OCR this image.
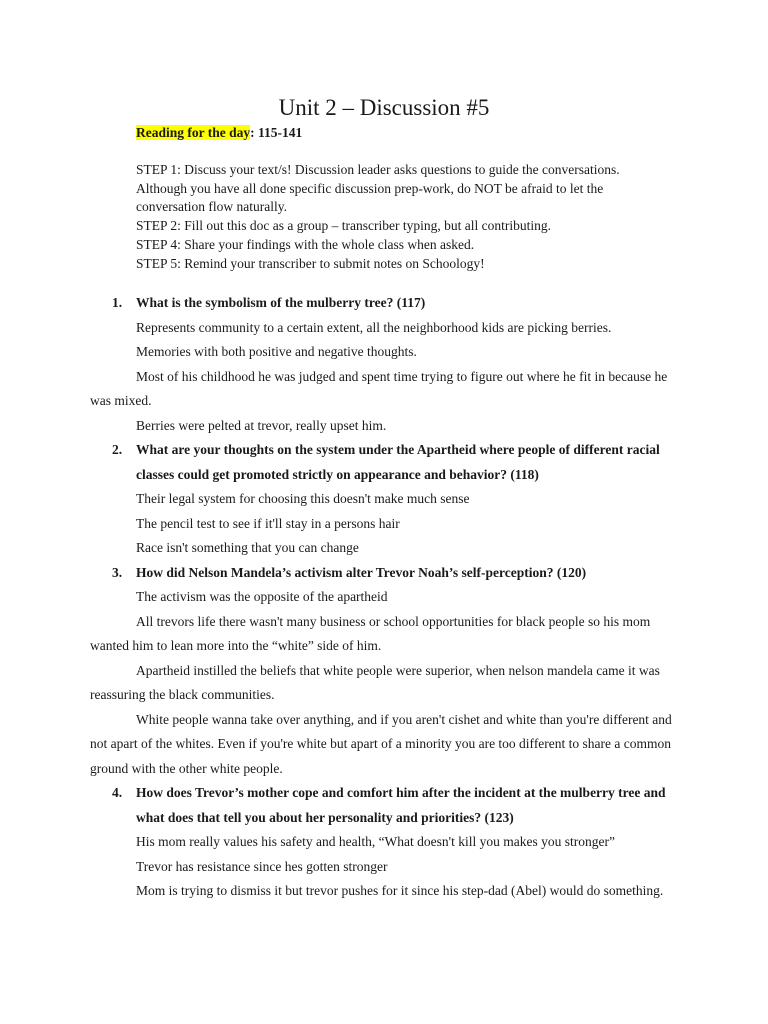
Unit 2 – Discussion #5
Reading for the day: 115-141
STEP 1: Discuss your text/s! Discussion leader asks questions to guide the conversations.
Although you have all done specific discussion prep-work, do NOT be afraid to let the
conversation flow naturally.
STEP 2: Fill out this doc as a group – transcriber typing, but all contributing.
STEP 4: Share your findings with the whole class when asked.
STEP 5: Remind your transcriber to submit notes on Schoology!
1. What is the symbolism of the mulberry tree? (117)
Represents community to a certain extent, all the neighborhood kids are picking berries.
Memories with both positive and negative thoughts.
Most of his childhood he was judged and spent time trying to figure out where he fit in because he was mixed.
Berries were pelted at trevor, really upset him.
2. What are your thoughts on the system under the Apartheid where people of different racial classes could get promoted strictly on appearance and behavior? (118)
Their legal system for choosing this doesn't make much sense
The pencil test to see if it'll stay in a persons hair
Race isn't something that you can change
3. How did Nelson Mandela’s activism alter Trevor Noah’s self-perception? (120)
The activism was the opposite of the apartheid
All trevors life there wasn't many business or school opportunities for black people so his mom wanted him to lean more into the “white” side of him.
Apartheid instilled the beliefs that white people were superior, when nelson mandela came it was reassuring the black communities.
White people wanna take over anything, and if you aren't cishet and white than you're different and not apart of the whites. Even if you're white but apart of a minority you are too different to share a common ground with the other white people.
4. How does Trevor’s mother cope and comfort him after the incident at the mulberry tree and what does that tell you about her personality and priorities? (123)
His mom really values his safety and health, “What doesn't kill you makes you stronger”
Trevor has resistance since hes gotten stronger
Mom is trying to dismiss it but trevor pushes for it since his step-dad (Abel) would do something.
